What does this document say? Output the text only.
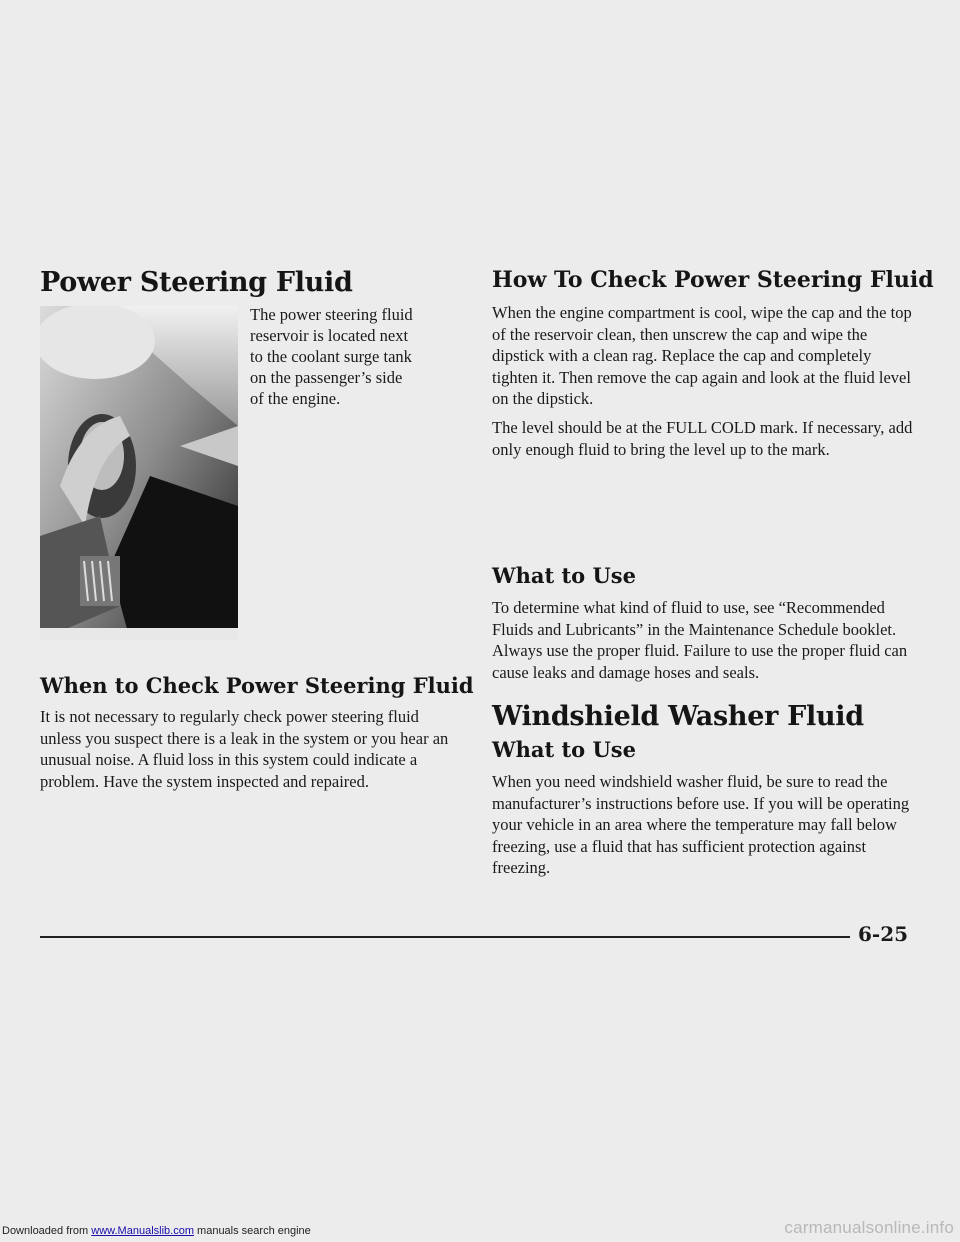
Power Steering Fluid

The power steering fluid

reservoir is located next

to the coolant surge tank

on the passenger’s side

of the engine.

When to Check Power Steering Fluid

It is not necessary to regularly check power steering fluid unless you suspect there is a leak in the system or you hear an unusual noise. A fluid loss in this system could indicate a problem. Have the system inspected and repaired.

How To Check Power Steering Fluid

When the engine compartment is cool, wipe the cap and the top of the reservoir clean, then unscrew the cap and wipe the dipstick with a clean rag. Replace the cap and completely tighten it. Then remove the cap again and look at the fluid level on the dipstick.

The level should be at the FULL COLD mark. If necessary, add only enough fluid to bring the level up to the mark.

What to Use

To determine what kind of fluid to use, see “Recommended Fluids and Lubricants” in the Maintenance Schedule booklet. Always use the proper fluid. Failure to use the proper fluid can cause leaks and damage hoses and seals.

Windshield Washer Fluid
What to Use

When you need windshield washer fluid, be sure to read the manufacturer’s instructions before use. If you will be operating your vehicle in an area where the temperature may fall below freezing, use a fluid that has sufficient protection against freezing.

6-25
Downloaded from www.Manualslib.com manuals search engine	carmanualsonline.info
